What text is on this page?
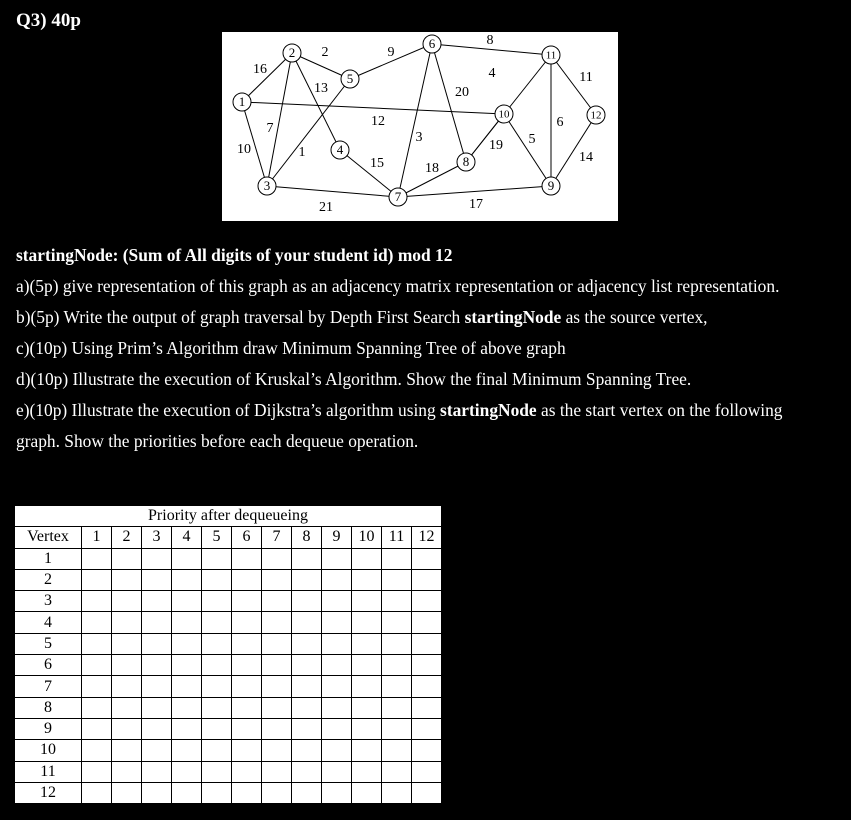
Q3) 40p
16
10
12
2
7
13
1
21
15
9
3
20
8
4
18
17
19 5
6
11
14
1
2
3
4
5
6
7
8
9
10
11
12

startingNode: (Sum of All digits of your student id) mod 12

a)(5p) give representation of this graph as an adjacency matrix representation or adjacency list representation.

b)(5p) Write the output of graph traversal by Depth First Search startingNode as the source vertex,

c)(10p) Using Prim’s Algorithm draw Minimum Spanning Tree of above graph

d)(10p) Illustrate the execution of Kruskal’s Algorithm. Show the final Minimum Spanning Tree.

e)(10p) Illustrate the execution of Dijkstra’s algorithm using startingNode as the start vertex on the following

graph. Show the priorities before each dequeue operation.

Priority after dequeueing												
Vertex	1	2	3	4	5	6	7	8	9	10	11	12
1												
2												
3												
4												
5												
6												
7												
8												
9												
10												
11												
12												
